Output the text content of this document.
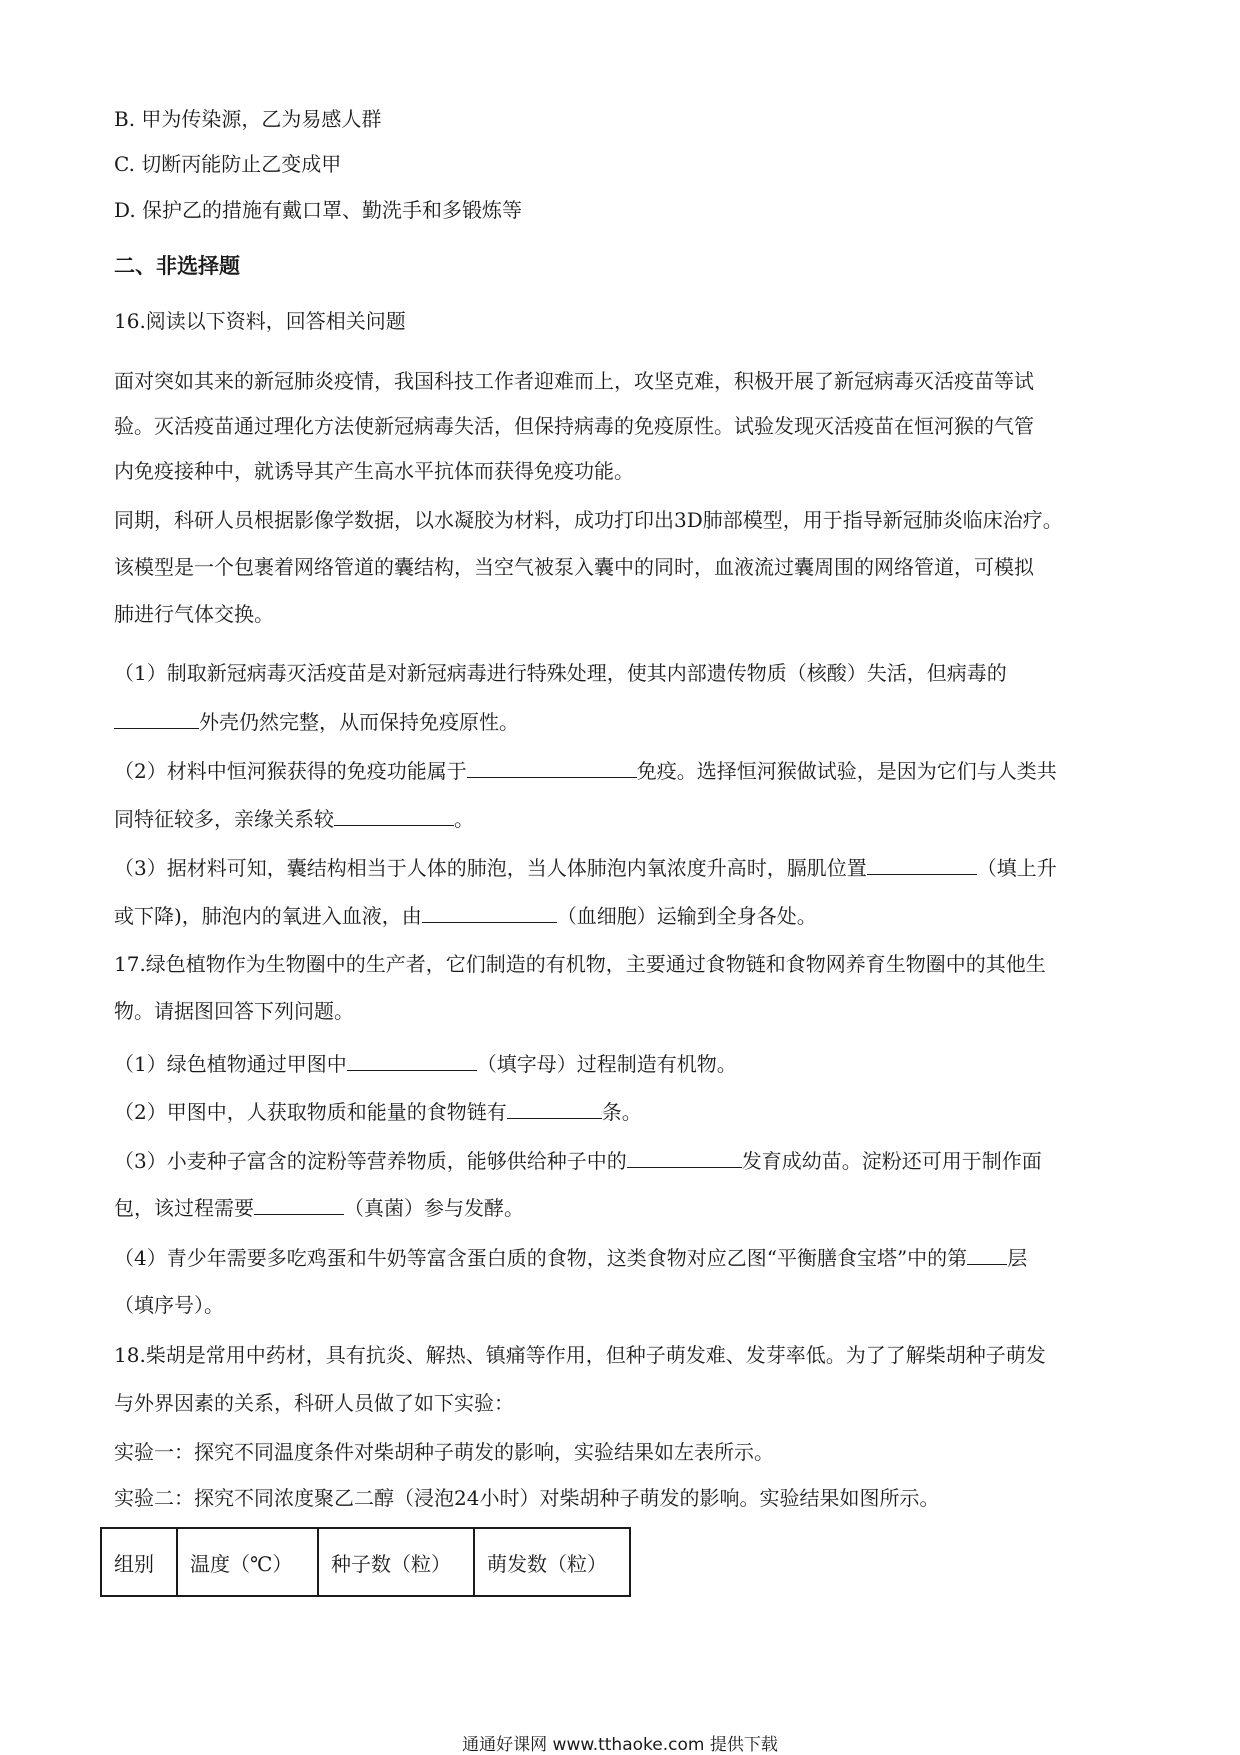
B. 甲为传染源，乙为易感人群
C. 切断丙能防止乙变成甲
D. 保护乙的措施有戴口罩、勤洗手和多锻炼等
二、非选择题
16.阅读以下资料，回答相关问题
面对突如其来的新冠肺炎疫情，我国科技工作者迎难而上，攻坚克难，积极开展了新冠病毒灭活疫苗等试
验。灭活疫苗通过理化方法使新冠病毒失活，但保持病毒的免疫原性。试验发现灭活疫苗在恒河猴的气管
内免疫接种中，就诱导其产生高水平抗体而获得免疫功能。
同期，科研人员根据影像学数据，以水凝胶为材料，成功打印出3D肺部模型，用于指导新冠肺炎临床治疗。
该模型是一个包裹着网络管道的囊结构，当空气被泵入囊中的同时，血液流过囊周围的网络管道，可模拟
肺进行气体交换。
（1）制取新冠病毒灭活疫苗是对新冠病毒进行特殊处理，使其内部遗传物质（核酸）失活，但病毒的
外壳仍然完整，从而保持免疫原性。
（2）材料中恒河猴获得的免疫功能属于	免疫。选择恒河猴做试验，是因为它们与人类共
同特征较多，亲缘关系较	。
（3）据材料可知，囊结构相当于人体的肺泡，当人体肺泡内氧浓度升高时，膈肌位置	（填上升
或下降)，肺泡内的氧进入血液，由	（血细胞）运输到全身各处。
17.绿色植物作为生物圈中的生产者，它们制造的有机物，主要通过食物链和食物网养育生物圈中的其他生
物。请据图回答下列问题。
（1）绿色植物通过甲图中	（填字母）过程制造有机物。
（2）甲图中，人获取物质和能量的食物链有	条。
（3）小麦种子富含的淀粉等营养物质，能够供给种子中的	发育成幼苗。淀粉还可用于制作面
包，该过程需要	（真菌）参与发酵。
（4）青少年需要多吃鸡蛋和牛奶等富含蛋白质的食物，这类食物对应乙图“平衡膳食宝塔”中的第 层
（填序号）。
18.柴胡是常用中药材，具有抗炎、解热、镇痛等作用，但种子萌发难、发芽率低。为了了解柴胡种子萌发
与外界因素的关系，科研人员做了如下实验：
实验一：探究不同温度条件对柴胡种子萌发的影响，实验结果如左表所示。
实验二：探究不同浓度聚乙二醇（浸泡24小时）对柴胡种子萌发的影响。实验结果如图所示。
组别	温度（℃）	种子数（粒）	萌发数（粒）
通通好课网 www.tthaoke.com 提供下载
